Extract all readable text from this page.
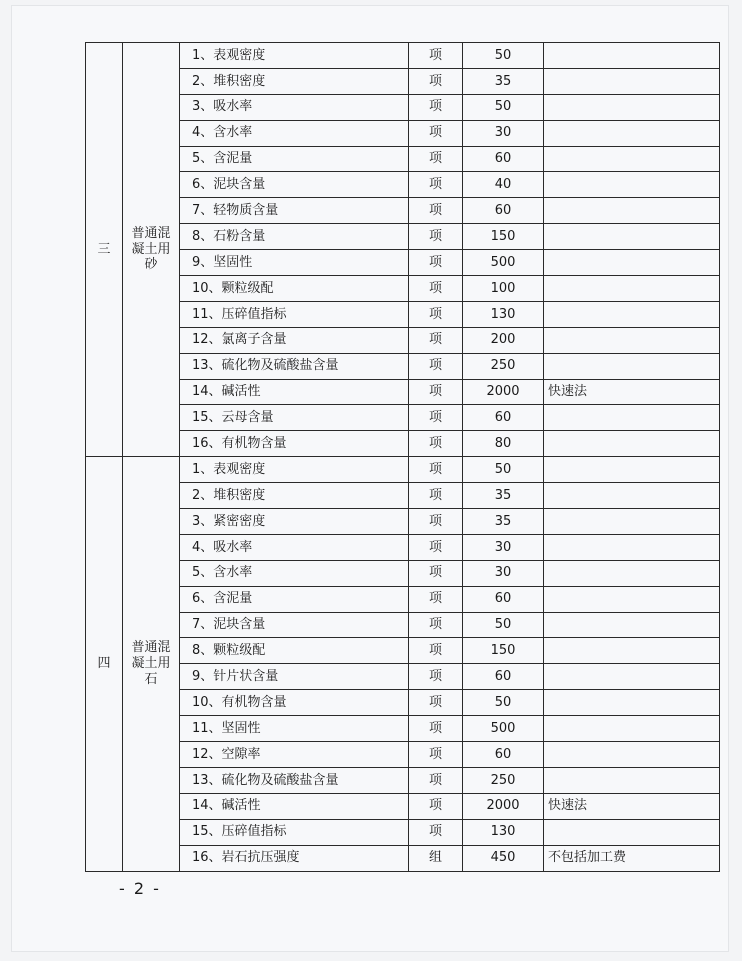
三	普通混
凝土用
砂	1、表观密度	项	50	
		2、堆积密度	项	35	
		3、吸水率	项	50	
		4、含水率	项	30	
		5、含泥量	项	60	
		6、泥块含量	项	40	
		7、轻物质含量	项	60	
		8、石粉含量	项	150	
		9、坚固性	项	500	
		10、颗粒级配	项	100	
		11、压碎值指标	项	130	
		12、氯离子含量	项	200	
		13、硫化物及硫酸盐含量	项	250	
		14、碱活性	项	2000	快速法
		15、云母含量	项	60	
		16、有机物含量	项	80	
四	普通混
凝土用
石	1、表观密度	项	50	
		2、堆积密度	项	35	
		3、紧密密度	项	35	
		4、吸水率	项	30	
		5、含水率	项	30	
		6、含泥量	项	60	
		7、泥块含量	项	50	
		8、颗粒级配	项	150	
		9、针片状含量	项	60	
		10、有机物含量	项	50	
		11、坚固性	项	500	
		12、空隙率	项	60	
		13、硫化物及硫酸盐含量	项	250	
		14、碱活性	项	2000	快速法
		15、压碎值指标	项	130	
		16、岩石抗压强度	组	450	不包括加工费
- 2 -
